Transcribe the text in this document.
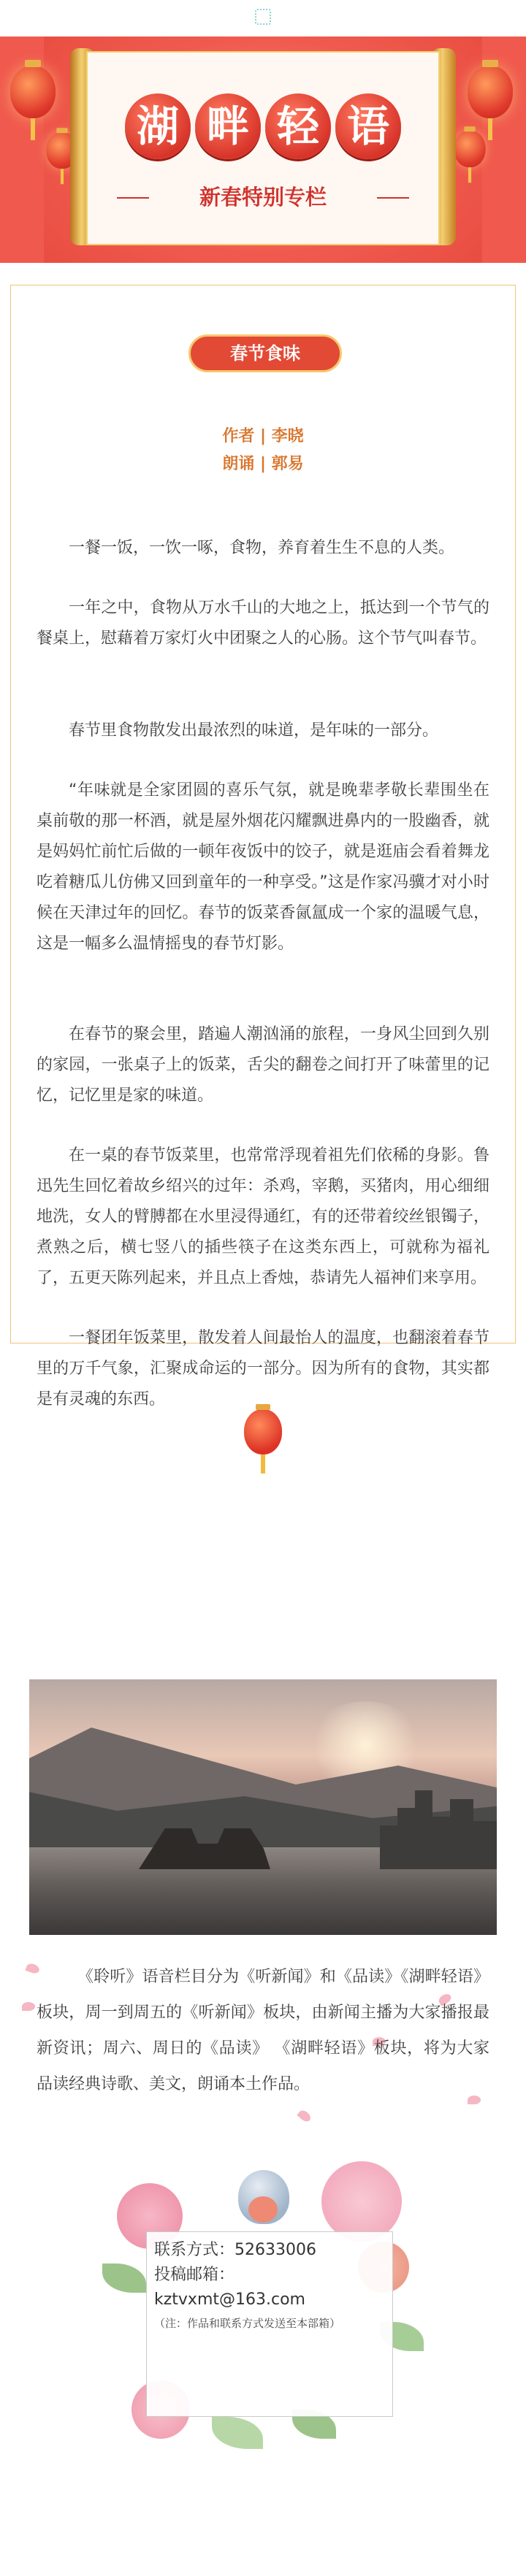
湖 畔 轻 语
新春特别专栏
春节食味
作者 | 李晓
朗诵 | 郭易

一餐一饭，一饮一啄，食物，养育着生生不息的人类。

一年之中，食物从万水千山的大地之上，抵达到一个节气的餐桌上，慰藉着万家灯火中团聚之人的心肠。这个节气叫春节。

春节里食物散发出最浓烈的味道，是年味的一部分。

“年味就是全家团圆的喜乐气氛，就是晚辈孝敬长辈围坐在桌前敬的那一杯酒，就是屋外烟花闪耀飘进鼻内的一股幽香，就是妈妈忙前忙后做的一顿年夜饭中的饺子，就是逛庙会看着舞龙吃着糖瓜儿仿佛又回到童年的一种享受。”这是作家冯骥才对小时候在天津过年的回忆。春节的饭菜香氤氲成一个家的温暖气息，这是一幅多么温情摇曳的春节灯影。

在春节的聚会里，踏遍人潮汹涌的旅程，一身风尘回到久别的家园，一张桌子上的饭菜，舌尖的翻卷之间打开了味蕾里的记忆，记忆里是家的味道。

在一桌的春节饭菜里，也常常浮现着祖先们依稀的身影。鲁迅先生回忆着故乡绍兴的过年：杀鸡，宰鹅，买猪肉，用心细细地洗，女人的臂膊都在水里浸得通红，有的还带着绞丝银镯子，煮熟之后，横七竖八的插些筷子在这类东西上，可就称为福礼了，五更天陈列起来，并且点上香烛，恭请先人福神们来享用。

一餐团年饭菜里，散发着人间最怡人的温度，也翻滚着春节里的万千气象，汇聚成命运的一部分。因为所有的食物，其实都是有灵魂的东西。

《聆听》语音栏目分为《听新闻》和《品读》《湖畔轻语》板块，周一到周五的《听新闻》板块，由新闻主播为大家播报最新资讯；周六、周日的《品读》 《湖畔轻语》板块，将为大家品读经典诗歌、美文，朗诵本土作品。

联系方式：52633006

投稿邮箱：

kztvxmt@163.com

（注：作品和联系方式发送至本部箱）
